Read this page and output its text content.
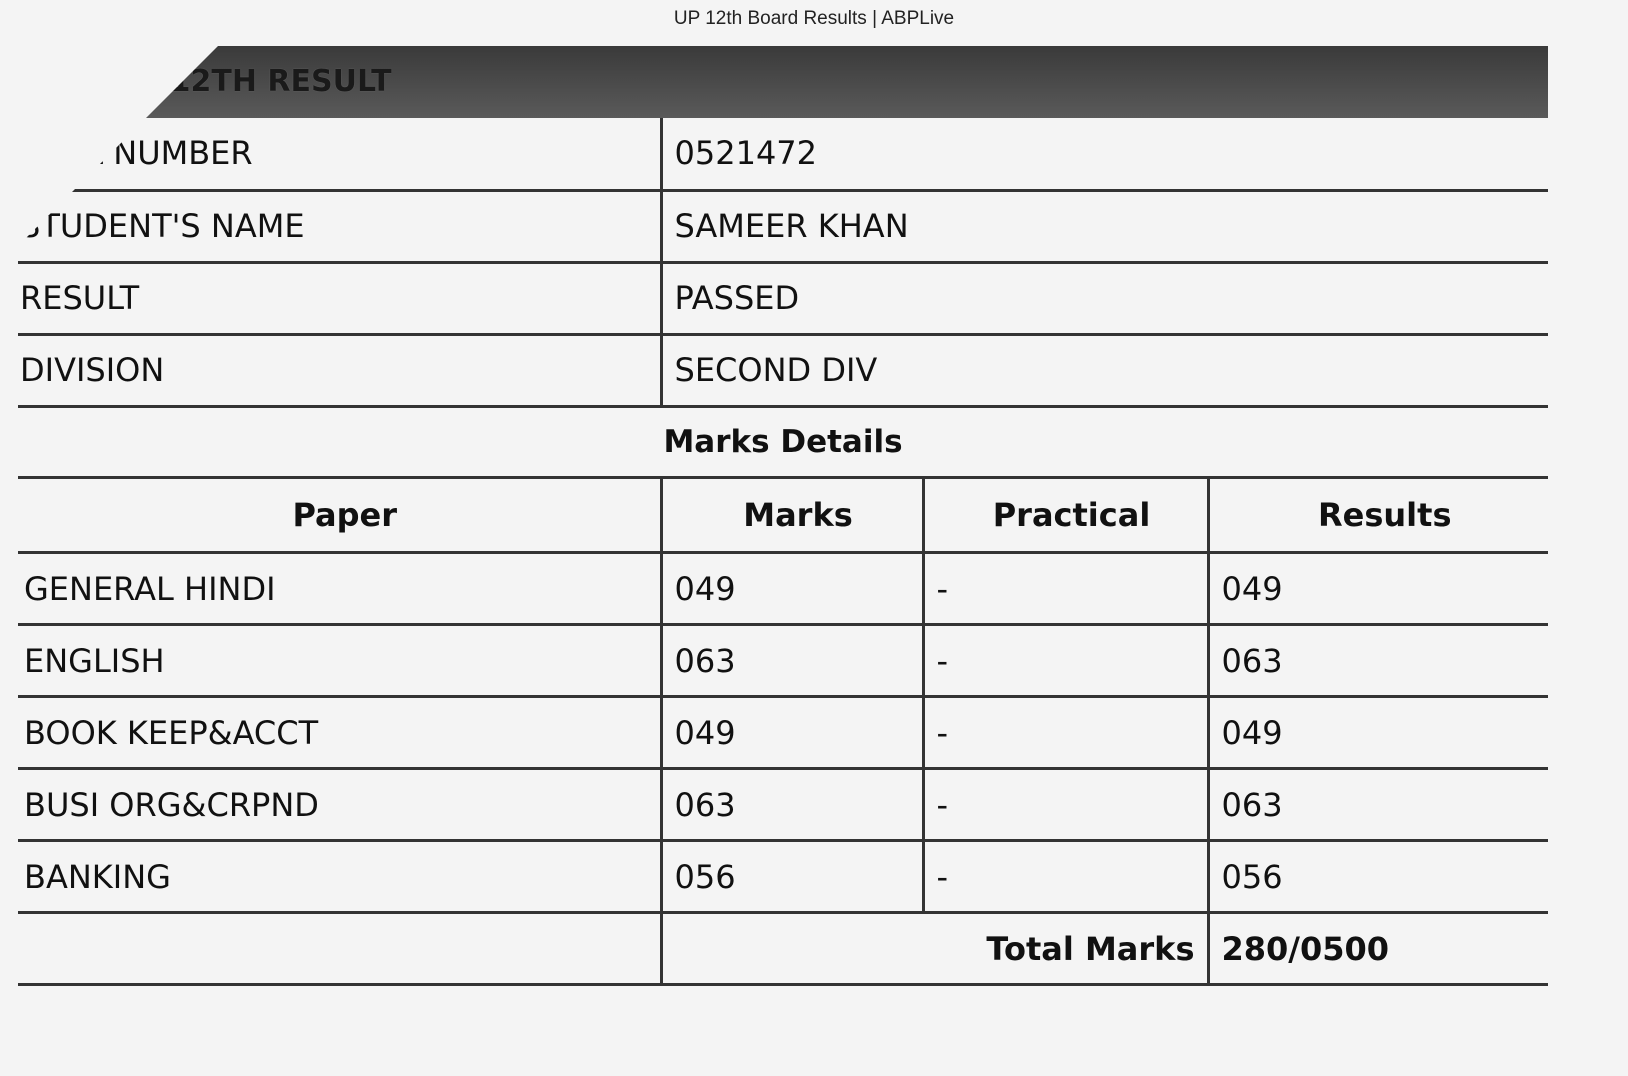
UP 12th Board Results | ABPLive
ARD 12TH RESULT
ROLL NUMBER	0521472
STUDENT'S NAME	SAMEER KHAN
RESULT	PASSED
DIVISION	SECOND DIV
Marks Details
Paper	Marks	Practical	Results
GENERAL HINDI	049	-	049
ENGLISH	063	-	063
BOOK KEEP&ACCT	049	-	049
BUSI ORG&CRPND	063	-	063
BANKING	056	-	056
	Total Marks		280/0500
